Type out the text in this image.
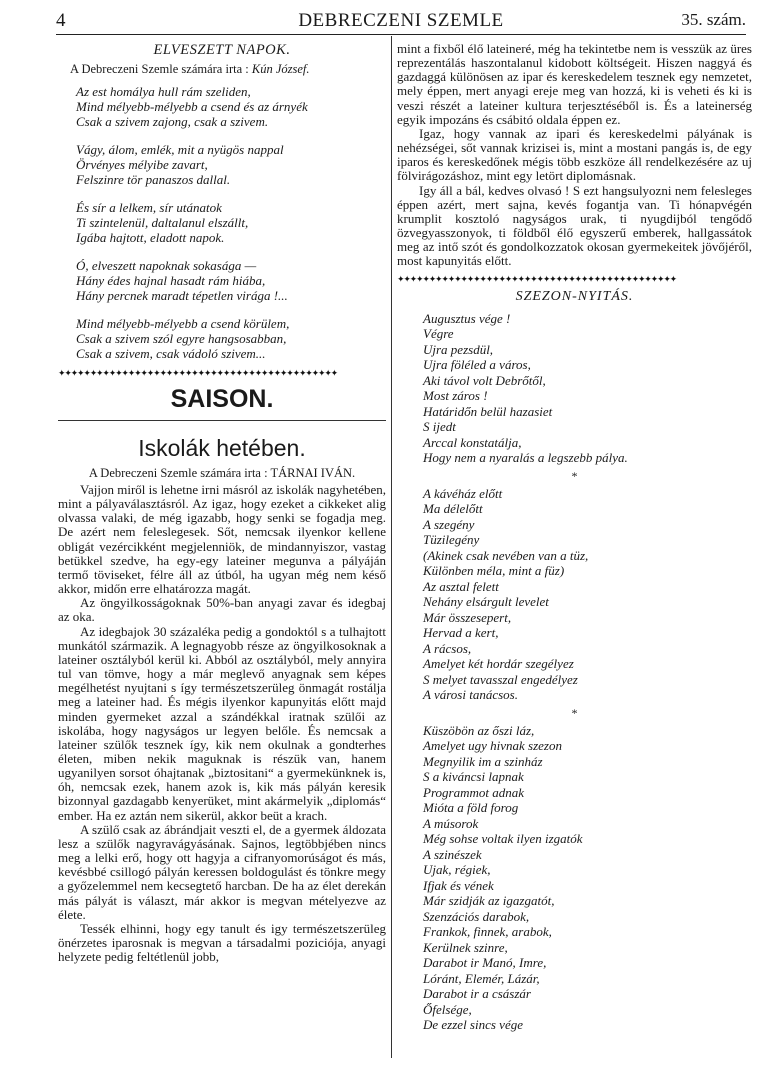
4	DEBRECZENI SZEMLE	35. szám.
ELVESZETT NAPOK.
A Debreczeni Szemle számára irta : Kún József.
Az est homálya hull rám szeliden,
Mind mélyebb-mélyebb a csend és az árnyék
Csak a szivem zajong, csak a szivem.
Vágy, álom, emlék, mit a nyügös nappal
Örvényes mélyibe zavart,
Felszinre tör panaszos dallal.
És sír a lelkem, sír utánatok
Ti szintelenül, daltalanul elszállt,
Igába hajtott, eladott napok.
Ó, elveszett napoknak sokasága —
Hány édes hajnal hasadt rám hiába,
Hány percnek maradt tépetlen virága !...
Mind mélyebb-mélyebb a csend körülem,
Csak a szivem szól egyre hangsosabban,
Csak a szivem, csak vádoló szivem...
✦✦✦✦✦✦✦✦✦✦✦✦✦✦✦✦✦✦✦✦✦✦✦✦✦✦✦✦✦✦✦✦✦✦✦✦✦✦✦✦✦✦✦✦
SAISON.
Iskolák hetében.
A Debreczeni Szemle számára irta : TÁRNAI IVÁN.

Vajjon miről is lehetne irni másról az iskolák nagyhetében, mint a pályaválasztásról. Az igaz, hogy ezeket a cikkeket alig olvassa valaki, de még igazabb, hogy senki se fogadja meg. De azért nem feleslegesek. Sőt, nemcsak ilyenkor kellene obligát vezércikként megjelenniök, de mindannyiszor, vastag betükkel szedve, ha egy-egy lateiner megunva a pályáján termő töviseket, félre áll az útból, ha ugyan még nem késő akkor, midőn erre elhatározza magát.

Az öngyilkosságoknak 50%-ban anyagi zavar és idegbaj az oka.

Az idegbajok 30 százaléka pedig a gondoktól s a tulhajtott munkától származik. A legnagyobb része az öngyilkosoknak a lateiner osztályból kerül ki. Abból az osztályból, mely annyira tul van tömve, hogy a már meglevő anyagnak sem képes megélhetést nyujtani s így természetszerüleg önmagát rostálja meg a lateiner had. És mégis ilyenkor kapunyitás előtt majd minden gyermeket azzal a szándékkal iratnak szülői az iskolába, hogy nagyságos ur legyen belőle. És nemcsak a lateiner szülők tesznek így, kik nem okulnak a gondterhes életen, miben nekik maguknak is részük van, hanem ugyanilyen sorsot óhajtanak „biztositani“ a gyermekünknek is, óh, nemcsak ezek, hanem azok is, kik más pályán keresik bizonnyal gazdagabb kenyerüket, mint akármelyik „diplomás“ ember. Ha ez aztán nem sikerül, akkor beüt a krach.

A szülő csak az ábrándjait veszti el, de a gyermek áldozata lesz a szülők nagyravágyásának. Sajnos, legtöbbjében nincs meg a lelki erő, hogy ott hagyja a cifranyomorúságot és más, kevésbbé csillogó pályán keressen boldogulást és tönkre megy a győzelemmel nem kecsegtető harcban. De ha az élet derekán más pályát is választ, már akkor is megvan mételyezve az élete.

Tessék elhinni, hogy egy tanult és igy természetszerüleg önérzetes iparosnak is megvan a társadalmi poziciója, anyagi helyzete pedig feltétlenül jobb,

mint a fixből élő lateineré, még ha tekintetbe nem is vesszük az üres reprezentálás haszontalanul kidobott költségeit. Hiszen naggyá és gazdaggá különösen az ipar és kereskedelem tesznek egy nemzetet, mely éppen, mert anyagi ereje meg van hozzá, ki is veheti és ki is veszi részét a lateiner kultura terjesztéséből is. És a lateinerség egyik impozáns és csábitó oldala éppen ez.

Igaz, hogy vannak az ipari és kereskedelmi pályának is nehézségei, sőt vannak krizisei is, mint a mostani pangás is, de egy iparos és kereskedőnek mégis több eszköze áll rendelkezésére az uj fölvirágozáshoz, mint egy letört diplomásnak.

Igy áll a bál, kedves olvasó ! S ezt hangsulyozni nem felesleges éppen azért, mert sajna, kevés fogantja van. Ti hónapvégén krumplit kosztoló nagyságos urak, ti nyugdijból tengődő özvegyasszonyok, ti földből élő egyszerű emberek, hallgassátok meg az intő szót és gondolkozzatok okosan gyermekeitek jövőjéről, most kapunyitás előtt.

✦✦✦✦✦✦✦✦✦✦✦✦✦✦✦✦✦✦✦✦✦✦✦✦✦✦✦✦✦✦✦✦✦✦✦✦✦✦✦✦✦✦✦✦
SZEZON-NYITÁS.
Augusztus vége !
Végre
Ujra pezsdül,
Ujra föléled a város,
Aki távol volt Debrőtől,
Most záros !
Határidőn belül hazasiet
S ijedt
Arccal konstatálja,
Hogy nem a nyaralás a legszebb pálya.
*
A kávéház előtt
Ma délelőtt
A szegény
Tüzilegény
(Akinek csak nevében van a tüz,
Különben méla, mint a füz)
Az asztal felett
Nehány elsárgult levelet
Már összesepert,
Hervad a kert,
A rácsos,
Amelyet két hordár szegélyez
S melyet tavasszal engedélyez
A városi tanácsos.
*
Küszöbön az őszi láz,
Amelyet ugy hivnak szezon
Megnyilik im a szinház
S a kiváncsi lapnak
Programmot adnak
Mióta a föld forog
A músorok
Még sohse voltak ilyen izgatók
A szinészek
Ujak, régiek,
Ifjak és vének
Már szidják az igazgatót,
Szenzációs darabok,
Frankok, finnek, arabok,
Kerülnek szinre,
Darabot ir Manó, Imre,
Lóránt, Elemér, Lázár,
Darabot ir a császár
Őfelsége,
De ezzel sincs vége
